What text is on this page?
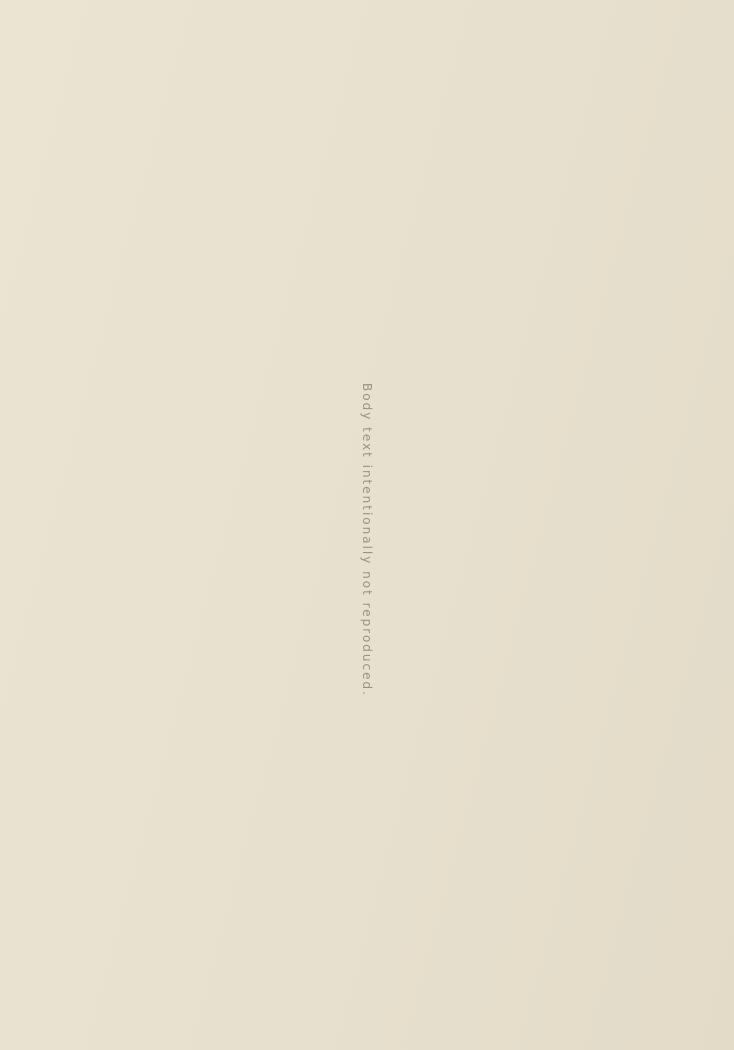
Body text intentionally not reproduced.
